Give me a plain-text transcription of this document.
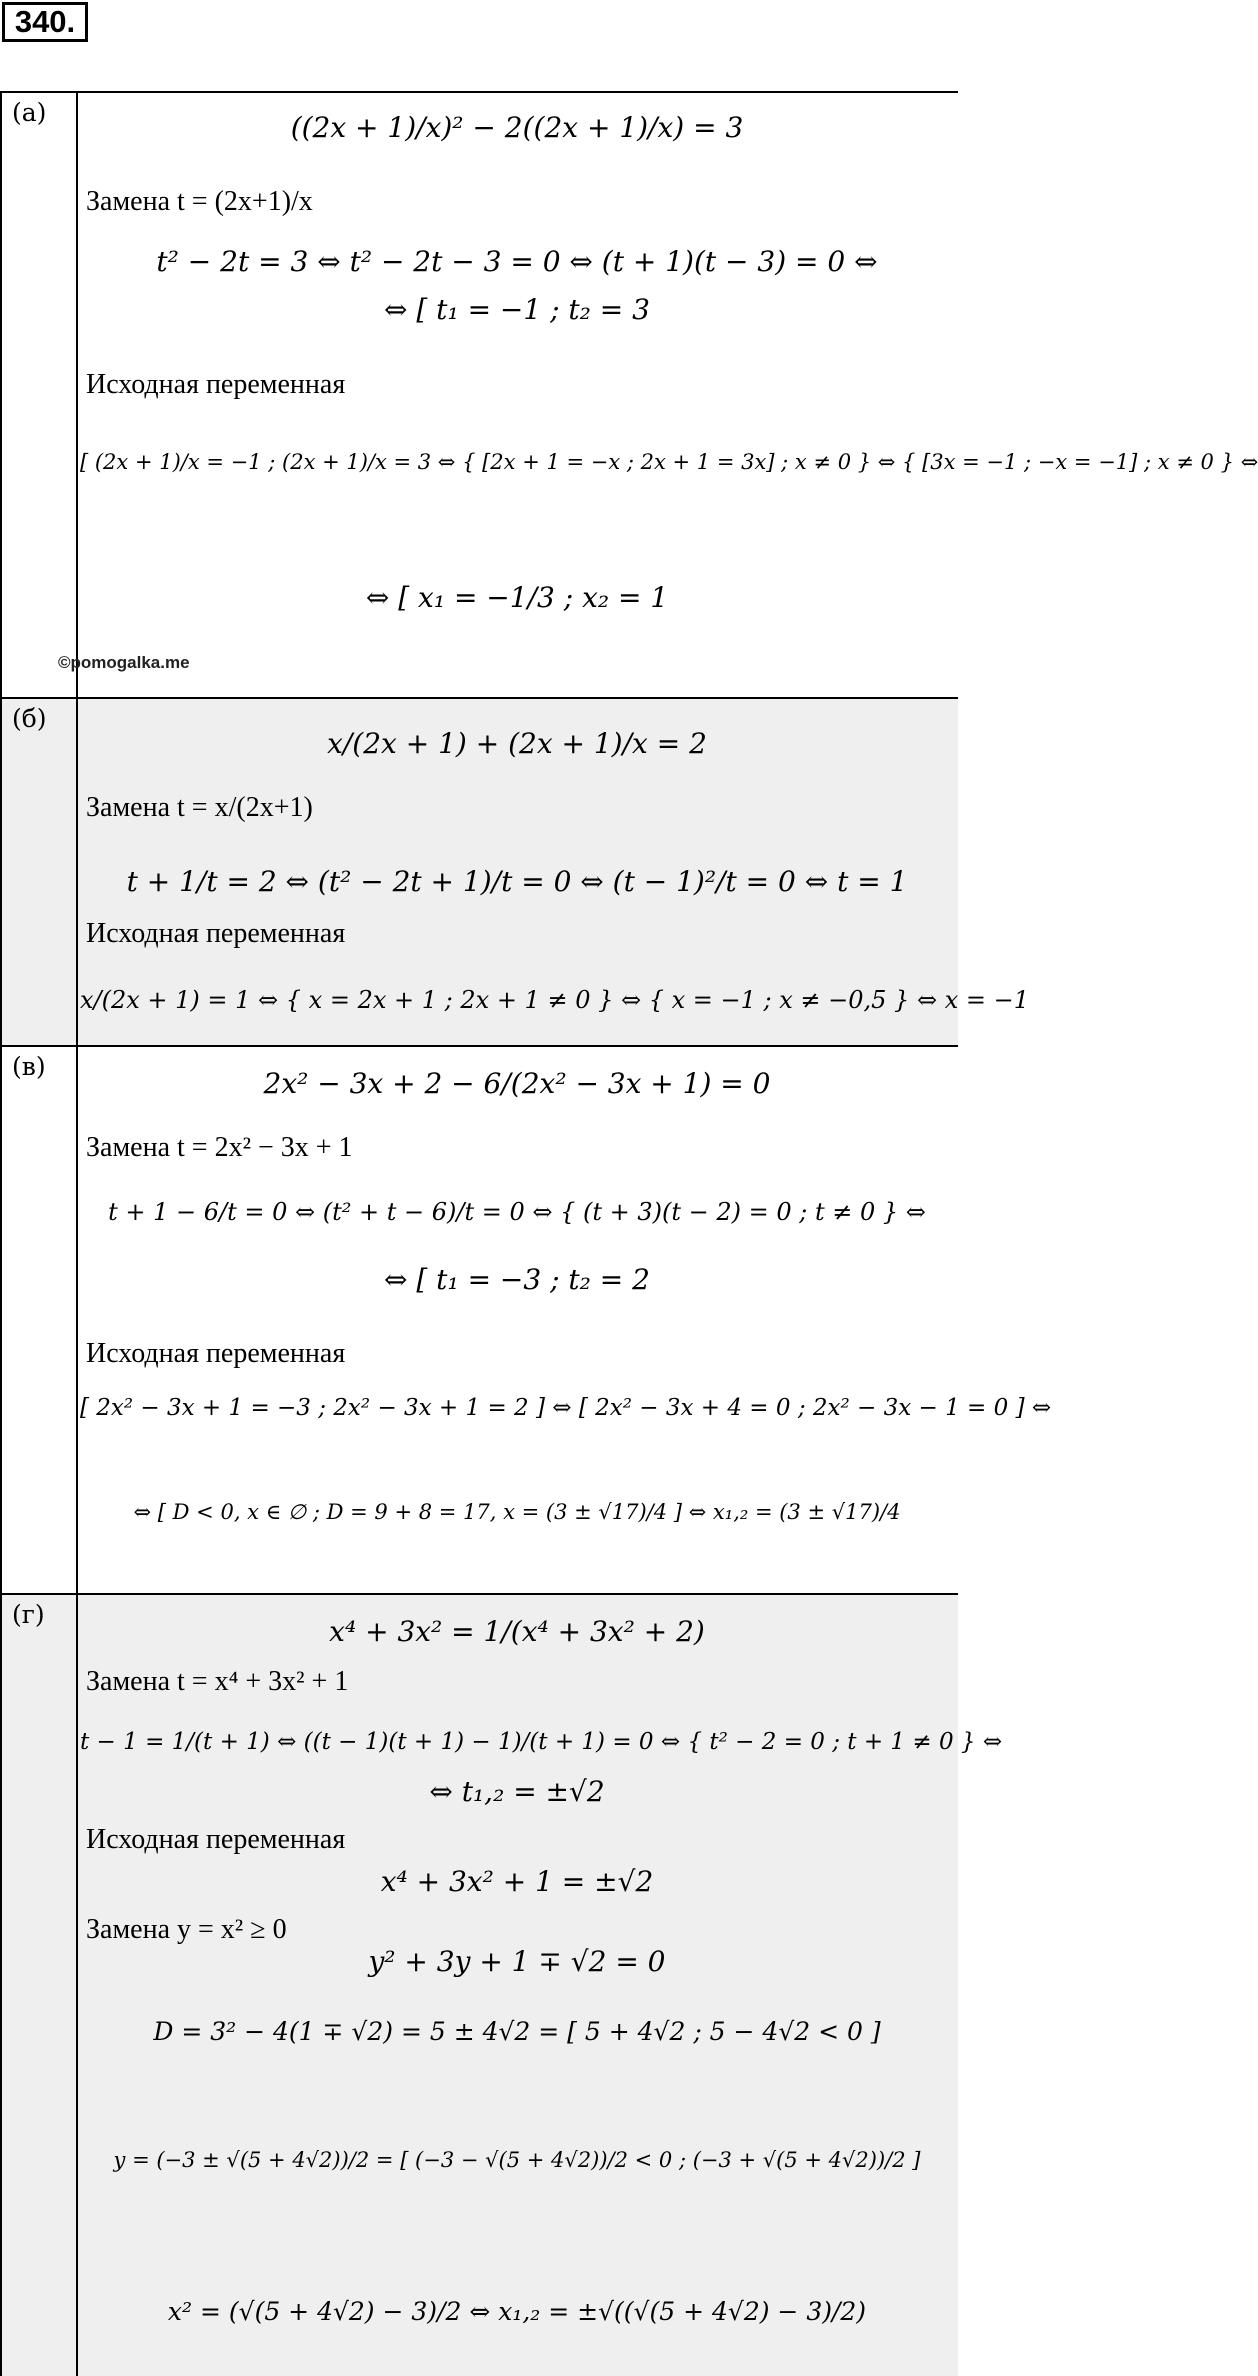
340.
(а)	((2x + 1)/x)² − 2((2x + 1)/x) = 3
Замена t = (2x+1)/x
t² − 2t = 3 ⇔ t² − 2t − 3 = 0 ⇔ (t + 1)(t − 3) = 0 ⇔
⇔ [ t₁ = −1 ; t₂ = 3
Исходная переменная
[ (2x + 1)/x = −1 ; (2x + 1)/x = 3 ⇔ { [2x + 1 = −x ; 2x + 1 = 3x] ; x ≠ 0 } ⇔ { [3x = −1 ; −x = −1] ; x ≠ 0 } ⇔
⇔ [ x₁ = −1/3 ; x₂ = 1
©pomogalka.me
(б)
x/(2x + 1) + (2x + 1)/x = 2
Замена t = x/(2x+1)
t + 1/t = 2 ⇔ (t² − 2t + 1)/t = 0 ⇔ (t − 1)²/t = 0 ⇔ t = 1
Исходная переменная
x/(2x + 1) = 1 ⇔ { x = 2x + 1 ; 2x + 1 ≠ 0 } ⇔ { x = −1 ; x ≠ −0,5 } ⇔ x = −1
(в)
2x² − 3x + 2 − 6/(2x² − 3x + 1) = 0
Замена t = 2x² − 3x + 1
t + 1 − 6/t = 0 ⇔ (t² + t − 6)/t = 0 ⇔ { (t + 3)(t − 2) = 0 ; t ≠ 0 } ⇔
⇔ [ t₁ = −3 ; t₂ = 2
Исходная переменная
[ 2x² − 3x + 1 = −3 ; 2x² − 3x + 1 = 2 ] ⇔ [ 2x² − 3x + 4 = 0 ; 2x² − 3x − 1 = 0 ] ⇔
⇔ [ D < 0, x ∈ ∅ ; D = 9 + 8 = 17, x = (3 ± √17)/4 ] ⇔ x₁,₂ = (3 ± √17)/4
(г)
x⁴ + 3x² = 1/(x⁴ + 3x² + 2)
Замена t = x⁴ + 3x² + 1
t − 1 = 1/(t + 1) ⇔ ((t − 1)(t + 1) − 1)/(t + 1) = 0 ⇔ { t² − 2 = 0 ; t + 1 ≠ 0 } ⇔
⇔ t₁,₂ = ±√2
Исходная переменная
x⁴ + 3x² + 1 = ±√2
Замена y = x² ≥ 0
y² + 3y + 1 ∓ √2 = 0
D = 3² − 4(1 ∓ √2) = 5 ± 4√2 = [ 5 + 4√2 ; 5 − 4√2 < 0 ]
y = (−3 ± √(5 + 4√2))/2 = [ (−3 − √(5 + 4√2))/2 < 0 ; (−3 + √(5 + 4√2))/2 ]
x² = (√(5 + 4√2) − 3)/2 ⇔ x₁,₂ = ±√((√(5 + 4√2) − 3)/2)
